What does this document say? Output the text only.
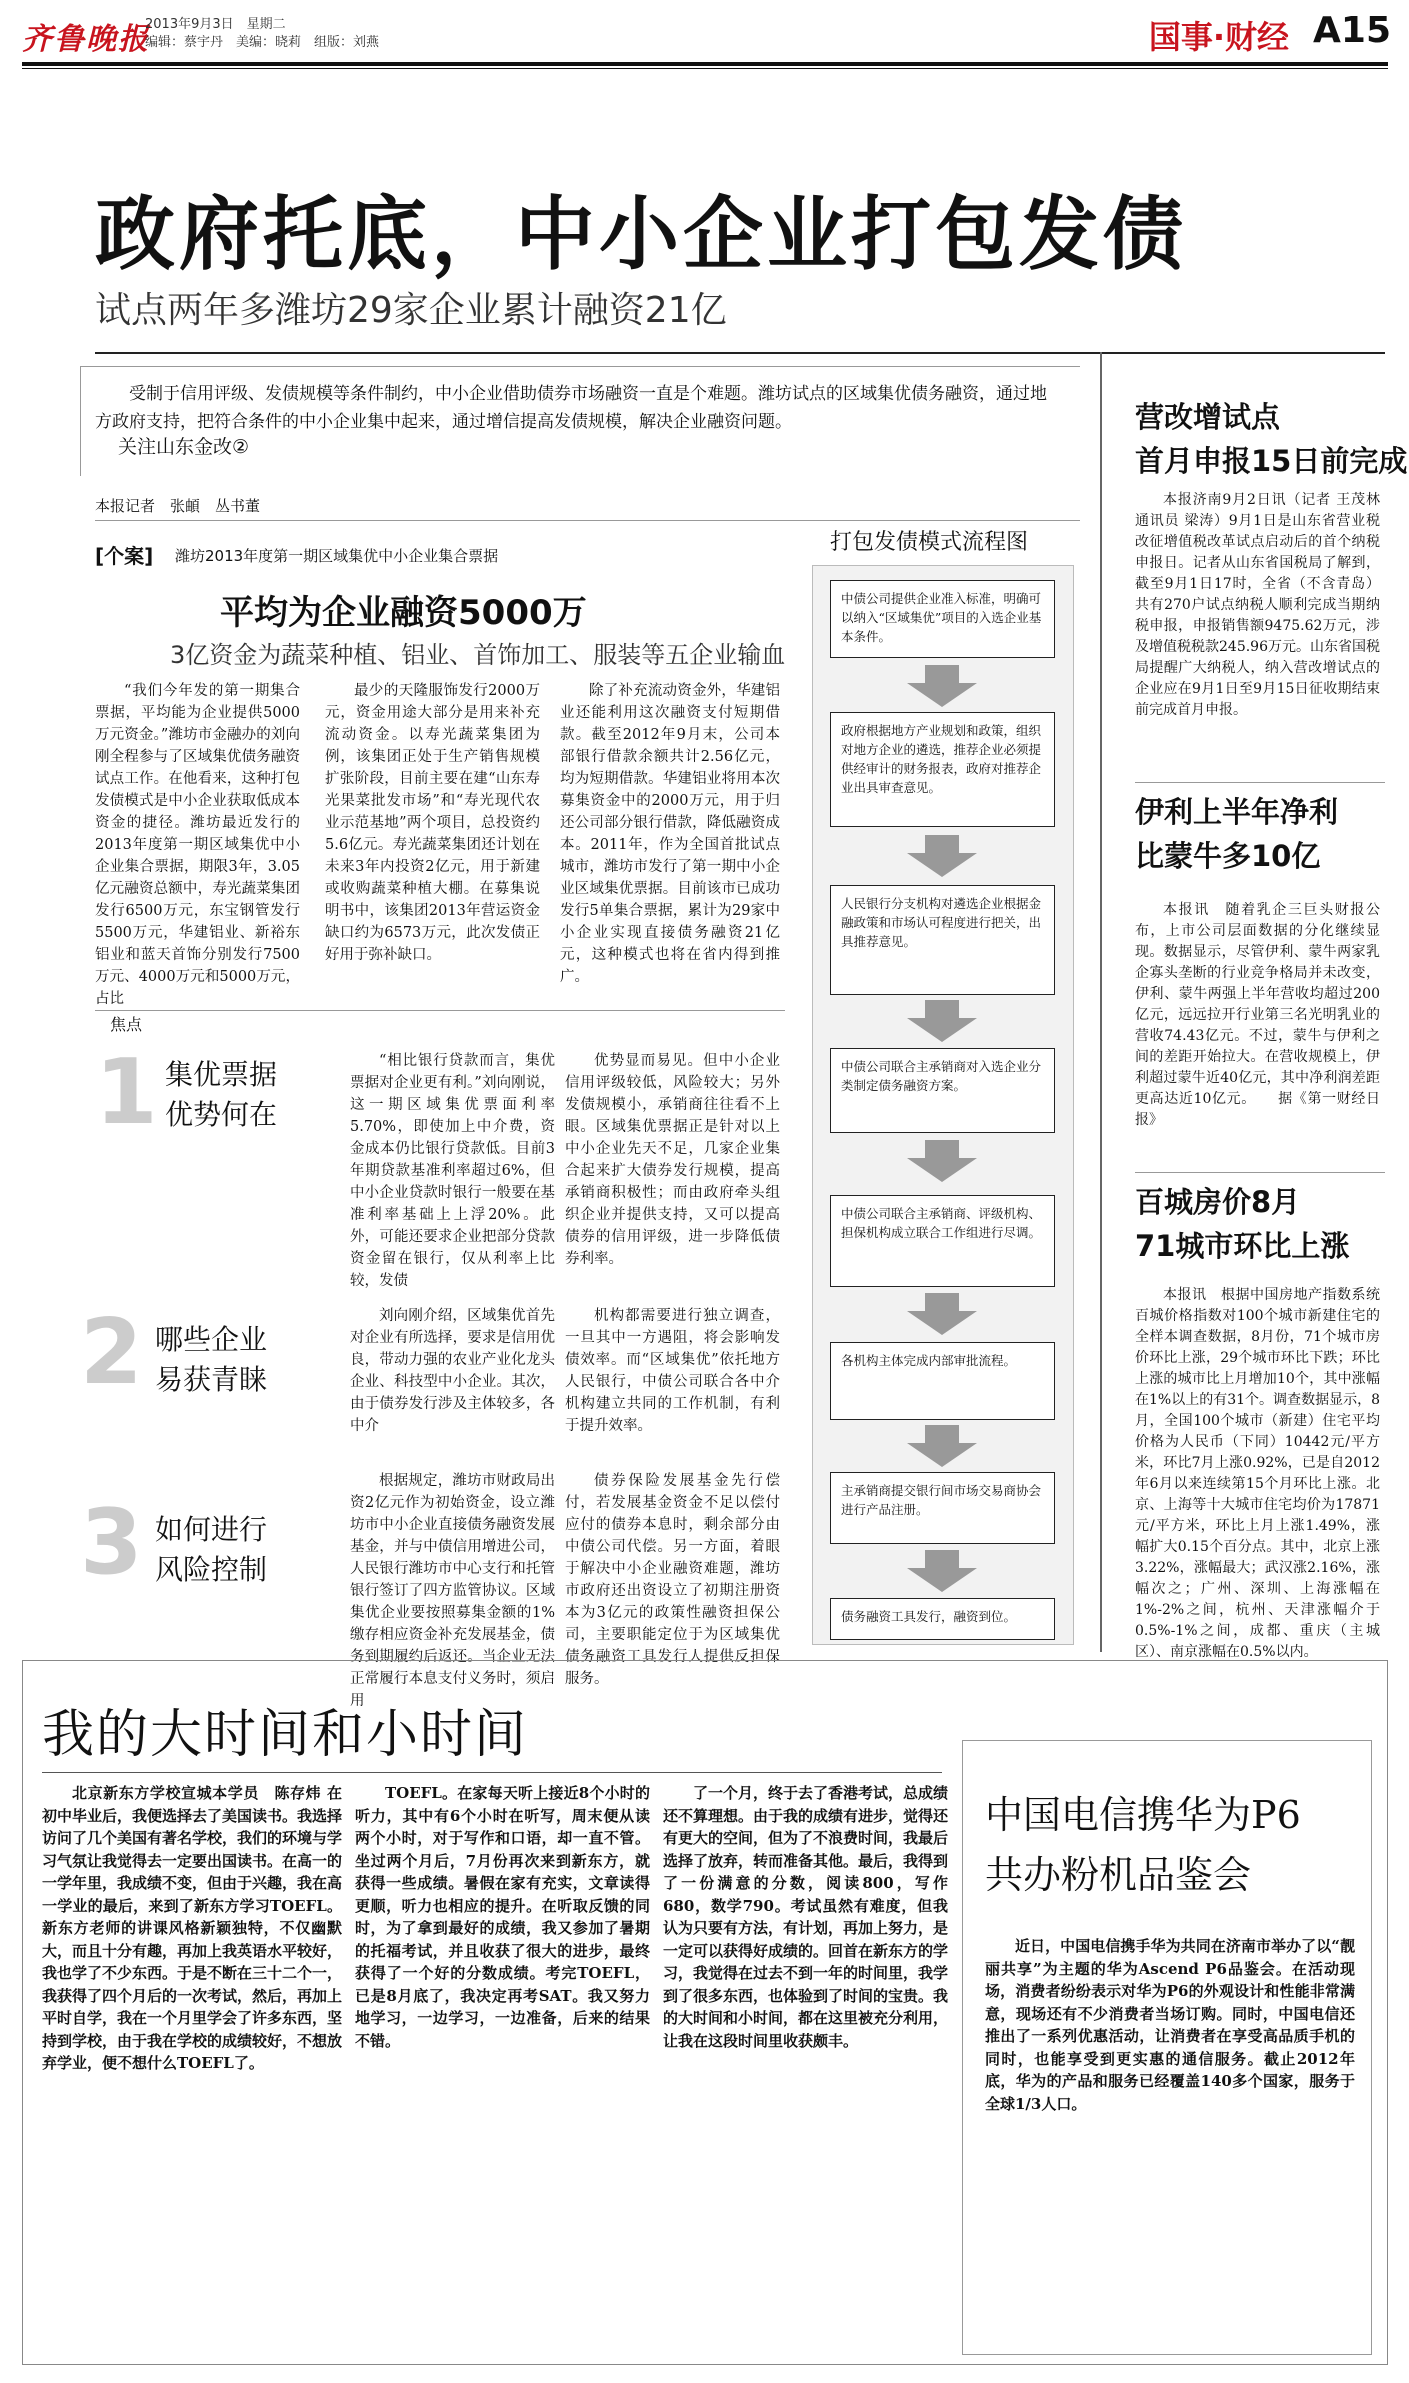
齐鲁晚报
2013年9月3日　星期二
编辑：蔡宇丹　美编：晓莉　组版：刘燕	国事·财经 A15
政府托底，中小企业打包发债
试点两年多潍坊29家企业累计融资21亿
受制于信用评级、发债规模等条件制约，中小企业借助债券市场融资一直是个难题。潍坊试点的区域集优债务融资，通过地方政府支持，把符合条件的中小企业集中起来，通过增信提高发债规模，解决企业融资问题。
关注山东金改②
本报记者　张頔　丛书董
[个案] 潍坊2013年度第一期区域集优中小企业集合票据
平均为企业融资5000万
3亿资金为蔬菜种植、铝业、首饰加工、服装等五企业输血
“我们今年发的第一期集合票据，平均能为企业提供5000万元资金。”潍坊市金融办的刘向刚全程参与了区域集优债务融资试点工作。在他看来，这种打包发债模式是中小企业获取低成本资金的捷径。潍坊最近发行的2013年度第一期区域集优中小企业集合票据，期限3年，3.05亿元融资总额中，寿光蔬菜集团发行6500万元，东宝钢管发行5500万元，华建铝业、新裕东铝业和蓝天首饰分别发行7500万元、4000万元和5000万元，占比
最少的天隆服饰发行2000万元，资金用途大部分是用来补充流动资金。以寿光蔬菜集团为例，该集团正处于生产销售规模扩张阶段，目前主要在建“山东寿光果菜批发市场”和“寿光现代农业示范基地”两个项目，总投资约5.6亿元。寿光蔬菜集团还计划在未来3年内投资2亿元，用于新建或收购蔬菜种植大棚。在募集说明书中，该集团2013年营运资金缺口约为6573万元，此次发债正好用于弥补缺口。
除了补充流动资金外，华建铝业还能利用这次融资支付短期借款。截至2012年9月末，公司本部银行借款余额共计2.56亿元，均为短期借款。华建铝业将用本次募集资金中的2000万元，用于归还公司部分银行借款，降低融资成本。2011年，作为全国首批试点城市，潍坊市发行了第一期中小企业区域集优票据。目前该市已成功发行5单集合票据，累计为29家中小企业实现直接债务融资21亿元，这种模式也将在省内得到推广。
焦点
1 集优票据
优势何在
“相比银行贷款而言，集优票据对企业更有利。”刘向刚说，这一期区域集优票面利率5.70%，即使加上中介费，资金成本仍比银行贷款低。目前3年期贷款基准利率超过6%，但中小企业贷款时银行一般要在基准利率基础上上浮20%。此外，可能还要求企业把部分贷款资金留在银行，仅从利率上比较，发债
优势显而易见。但中小企业信用评级较低，风险较大；另外发债规模小，承销商往往看不上眼。区域集优票据正是针对以上中小企业先天不足，几家企业集合起来扩大债券发行规模，提高承销商积极性；而由政府牵头组织企业并提供支持，又可以提高债券的信用评级，进一步降低债券利率。
2 哪些企业
易获青睐
刘向刚介绍，区域集优首先对企业有所选择，要求是信用优良，带动力强的农业产业化龙头企业、科技型中小企业。其次，由于债券发行涉及主体较多，各中介
机构都需要进行独立调查，一旦其中一方遇阻，将会影响发债效率。而“区域集优”依托地方人民银行，中债公司联合各中介机构建立共同的工作机制，有利于提升效率。
3 如何进行
风险控制
根据规定，潍坊市财政局出资2亿元作为初始资金，设立潍坊市中小企业直接债务融资发展基金，并与中债信用增进公司，人民银行潍坊市中心支行和托管银行签订了四方监管协议。区域集优企业要按照募集金额的1%缴存相应资金补充发展基金，债务到期履约后返还。当企业无法正常履行本息支付义务时，须启用
债券保险发展基金先行偿付，若发展基金资金不足以偿付应付的债券本息时，剩余部分由中债公司代偿。另一方面，着眼于解决中小企业融资难题，潍坊市政府还出资设立了初期注册资本为3亿元的政策性融资担保公司，主要职能定位于为区域集优债务融资工具发行人提供反担保服务。
打包发债模式流程图
中债公司提供企业准入标准，明确可以纳入“区域集优”项目的入选企业基本条件。
政府根据地方产业规划和政策，组织对地方企业的遴选，推荐企业必须提供经审计的财务报表，政府对推荐企业出具审查意见。
人民银行分支机构对遴选企业根据金融政策和市场认可程度进行把关，出具推荐意见。
中债公司联合主承销商对入选企业分类制定债务融资方案。
中债公司联合主承销商、评级机构、担保机构成立联合工作组进行尽调。
各机构主体完成内部审批流程。
主承销商提交银行间市场交易商协会进行产品注册。
债务融资工具发行，融资到位。
营改增试点
首月申报15日前完成
本报济南9月2日讯（记者 王茂林 通讯员 梁涛）9月1日是山东省营业税改征增值税改革试点启动后的首个纳税申报日。记者从山东省国税局了解到，截至9月1日17时，全省（不含青岛）共有270户试点纳税人顺利完成当期纳税申报，申报销售额9475.62万元，涉及增值税税款245.96万元。山东省国税局提醒广大纳税人，纳入营改增试点的企业应在9月1日至9月15日征收期结束前完成首月申报。
伊利上半年净利
比蒙牛多10亿
本报讯　随着乳企三巨头财报公布，上市公司层面数据的分化继续显现。数据显示，尽管伊利、蒙牛两家乳企寡头垄断的行业竞争格局并未改变，伊利、蒙牛两强上半年营收均超过200亿元，远远拉开行业第三名光明乳业的营收74.43亿元。不过，蒙牛与伊利之间的差距开始拉大。在营收规模上，伊利超过蒙牛近40亿元，其中净利润差距更高达近10亿元。　　据《第一财经日报》
百城房价8月
71城市环比上涨
本报讯　根据中国房地产指数系统百城价格指数对100个城市新建住宅的全样本调查数据，8月份，71个城市房价环比上涨，29个城市环比下跌；环比上涨的城市比上月增加10个，其中涨幅在1%以上的有31个。调查数据显示，8月，全国100个城市（新建）住宅平均价格为人民币（下同）10442元/平方米，环比7月上涨0.92%，已是自2012年6月以来连续第15个月环比上涨。北京、上海等十大城市住宅均价为17871元/平方米，环比上月上涨1.49%，涨幅扩大0.15个百分点。其中，北京上涨3.22%，涨幅最大；武汉涨2.16%，涨幅次之；广州、深圳、上海涨幅在1%-2%之间，杭州、天津涨幅介于0.5%-1%之间，成都、重庆（主城区）、南京涨幅在0.5%以内。
我的大时间和小时间
北京新东方学校宣城本学员　陈存炜 在初中毕业后，我便选择去了美国读书。我选择访问了几个美国有著名学校，我们的环境与学习气氛让我觉得去一定要出国读书。在高一的一学年里，我成绩不变，但由于兴趣，我在高一学业的最后，来到了新东方学习TOEFL。新东方老师的讲课风格新颖独特，不仅幽默大，而且十分有趣，再加上我英语水平较好，我也学了不少东西。于是不断在三十二个一，我获得了四个月后的一次考试，然后，再加上平时自学，我在一个月里学会了许多东西，坚持到学校，由于我在学校的成绩较好，不想放弃学业，便不想什么TOEFL了。
TOEFL。在家每天听上接近8个小时的听力，其中有6个小时在听写，周末便从读两个小时，对于写作和口语，却一直不管。坐过两个月后，7月份再次来到新东方，就获得一些成绩。暑假在家有充实，文章读得更顺，听力也相应的提升。在听取反馈的同时，为了拿到最好的成绩，我又参加了暑期的托福考试，并且收获了很大的进步，最终获得了一个好的分数成绩。考完TOEFL，已是8月底了，我决定再考SAT。我又努力地学习，一边学习，一边准备，后来的结果不错。
了一个月，终于去了香港考试，总成绩还不算理想。由于我的成绩有进步，觉得还有更大的空间，但为了不浪费时间，我最后选择了放弃，转而准备其他。最后，我得到了一份满意的分数，阅读800，写作680，数学790。考试虽然有难度，但我认为只要有方法，有计划，再加上努力，是一定可以获得好成绩的。回首在新东方的学习，我觉得在过去不到一年的时间里，我学到了很多东西，也体验到了时间的宝贵。我的大时间和小时间，都在这里被充分利用，让我在这段时间里收获颇丰。
中国电信携华为P6
共办粉机品鉴会
近日，中国电信携手华为共同在济南市举办了以“靓丽共享”为主题的华为Ascend P6品鉴会。在活动现场，消费者纷纷表示对华为P6的外观设计和性能非常满意，现场还有不少消费者当场订购。同时，中国电信还推出了一系列优惠活动，让消费者在享受高品质手机的同时，也能享受到更实惠的通信服务。截止2012年底，华为的产品和服务已经覆盖140多个国家，服务于全球1/3人口。
